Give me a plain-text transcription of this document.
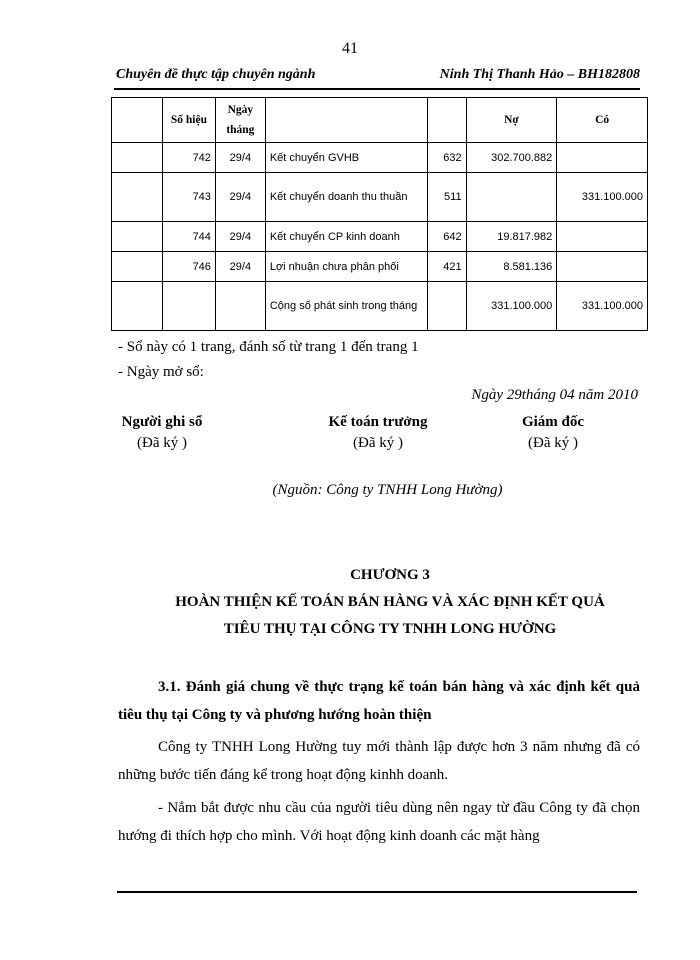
41
Chuyên đề thực tập chuyên ngành	Ninh Thị Thanh Hảo – BH182808
	Số hiệu	Ngày tháng			Nợ	Có
	742	29/4	Kết chuyển GVHB	632	302.700.882	
	743	29/4	Kết chuyển doanh thu thuần	511		331.100.000
	744	29/4	Kết chuyển CP kinh doanh	642	19.817.982	
	746	29/4	Lợi nhuận chưa phân phối	421	8.581.136	
			Cộng số phát sinh trong tháng		331.100.000	331.100.000
- Sổ này có 1 trang, đánh số từ trang 1 đến trang 1
- Ngày mở sổ:
Ngày 29tháng 04 năm 2010
Người ghi sổ
(Đã ký )
Kế toán trưởng
(Đã ký )
Giám đốc
(Đã ký )
(Nguồn: Công ty TNHH Long Hường)
CHƯƠNG 3
HOÀN THIỆN KẾ TOÁN BÁN HÀNG VÀ XÁC ĐỊNH KẾT QUẢ
TIÊU THỤ TẠI CÔNG TY TNHH LONG HƯỜNG
3.1. Đánh giá chung về thực trạng kế toán bán hàng và xác định kết quả tiêu thụ tại Công ty và phương hướng hoàn thiện
Công ty TNHH Long Hường tuy mới thành lập được hơn 3 năm nhưng đã có những bước tiến đáng kể trong hoạt động kinhh doanh.
- Nắm bắt được nhu cầu của người tiêu dùng nên ngay từ đầu Công ty đã chọn hướng đi thích hợp cho mình. Với hoạt động kinh doanh các mặt hàng
